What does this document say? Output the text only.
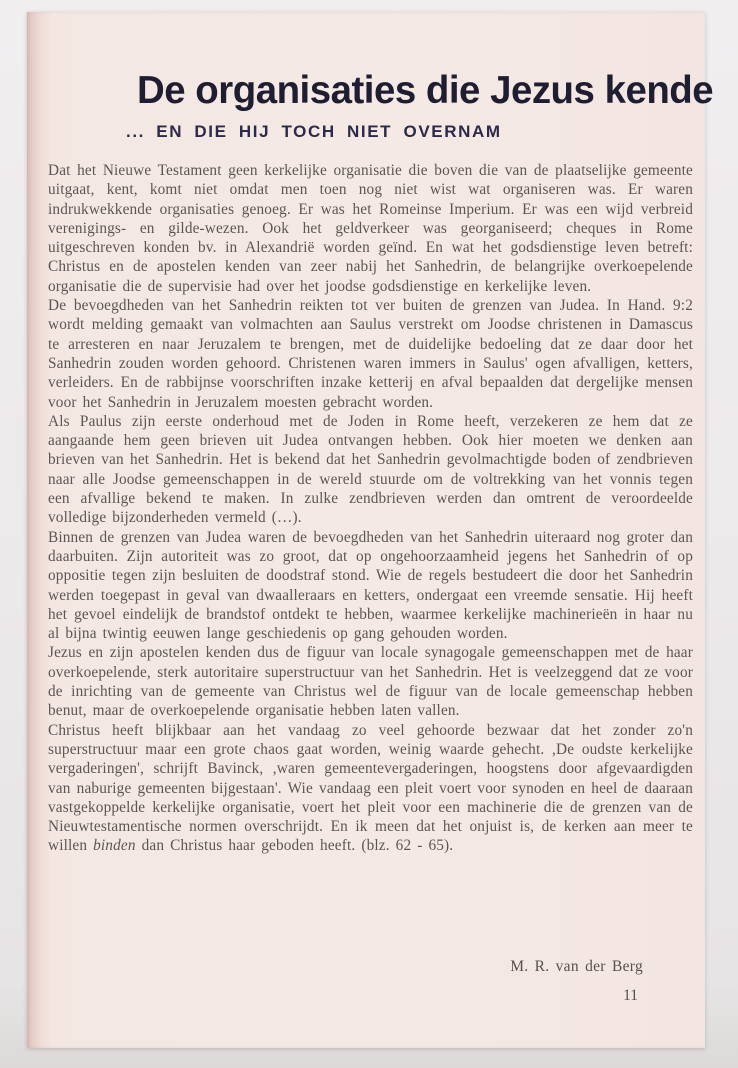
De organisaties die Jezus kende
... EN DIE HIJ TOCH NIET OVERNAM

Dat het Nieuwe Testament geen kerkelijke organisatie die boven die van de plaatselijke gemeente uitgaat, kent, komt niet omdat men toen nog niet wist wat organiseren was. Er waren indrukwekkende organisaties genoeg. Er was het Romeinse Imperium. Er was een wijd verbreid verenigings- en gilde-wezen. Ook het geldverkeer was georganiseerd; cheques in Rome uitgeschreven konden bv. in Alexandrië worden geïnd. En wat het godsdienstige leven betreft: Christus en de apostelen kenden van zeer nabij het Sanhedrin, de belangrijke overkoepelende organisatie die de supervisie had over het joodse godsdienstige en kerkelijke leven.

De bevoegdheden van het Sanhedrin reikten tot ver buiten de grenzen van Judea. In Hand. 9:2 wordt melding gemaakt van volmachten aan Saulus verstrekt om Joodse christenen in Damascus te arresteren en naar Jeruzalem te brengen, met de duidelijke bedoeling dat ze daar door het Sanhedrin zouden worden gehoord. Christenen waren immers in Saulus' ogen afvalligen, ketters, verleiders. En de rabbijnse voorschriften inzake ketterij en afval bepaalden dat dergelijke mensen voor het Sanhedrin in Jeruzalem moesten gebracht worden.

Als Paulus zijn eerste onderhoud met de Joden in Rome heeft, verzekeren ze hem dat ze aangaande hem geen brieven uit Judea ontvangen hebben. Ook hier moeten we denken aan brieven van het Sanhedrin. Het is bekend dat het Sanhedrin gevolmachtigde boden of zendbrieven naar alle Joodse gemeenschappen in de wereld stuurde om de voltrekking van het vonnis tegen een afvallige bekend te maken. In zulke zendbrieven werden dan omtrent de veroordeelde volledige bijzonderheden vermeld (…).

Binnen de grenzen van Judea waren de bevoegdheden van het Sanhedrin uiteraard nog groter dan daarbuiten. Zijn autoriteit was zo groot, dat op ongehoorzaamheid jegens het Sanhedrin of op oppositie tegen zijn besluiten de doodstraf stond. Wie de regels bestudeert die door het Sanhedrin werden toegepast in geval van dwaalleraars en ketters, ondergaat een vreemde sensatie. Hij heeft het gevoel eindelijk de brandstof ontdekt te hebben, waarmee kerkelijke machinerieën in haar nu al bijna twintig eeuwen lange geschiedenis op gang gehouden worden.

Jezus en zijn apostelen kenden dus de figuur van locale synagogale gemeenschappen met de haar overkoepelende, sterk autoritaire superstructuur van het Sanhedrin. Het is veelzeggend dat ze voor de inrichting van de gemeente van Christus wel de figuur van de locale gemeenschap hebben benut, maar de overkoepelende organisatie hebben laten vallen.

Christus heeft blijkbaar aan het vandaag zo veel gehoorde bezwaar dat het zonder zo'n superstructuur maar een grote chaos gaat worden, weinig waarde gehecht. ,De oudste kerkelijke vergaderingen', schrijft Bavinck, ,waren gemeentevergaderingen, hoogstens door afgevaardigden van naburige gemeenten bijgestaan'. Wie vandaag een pleit voert voor synoden en heel de daaraan vastgekoppelde kerkelijke organisatie, voert het pleit voor een machinerie die de grenzen van de Nieuwtestamentische normen overschrijdt. En ik meen dat het onjuist is, de kerken aan meer te willen binden dan Christus haar geboden heeft. (blz. 62 - 65).

M. R. van der Berg
11
